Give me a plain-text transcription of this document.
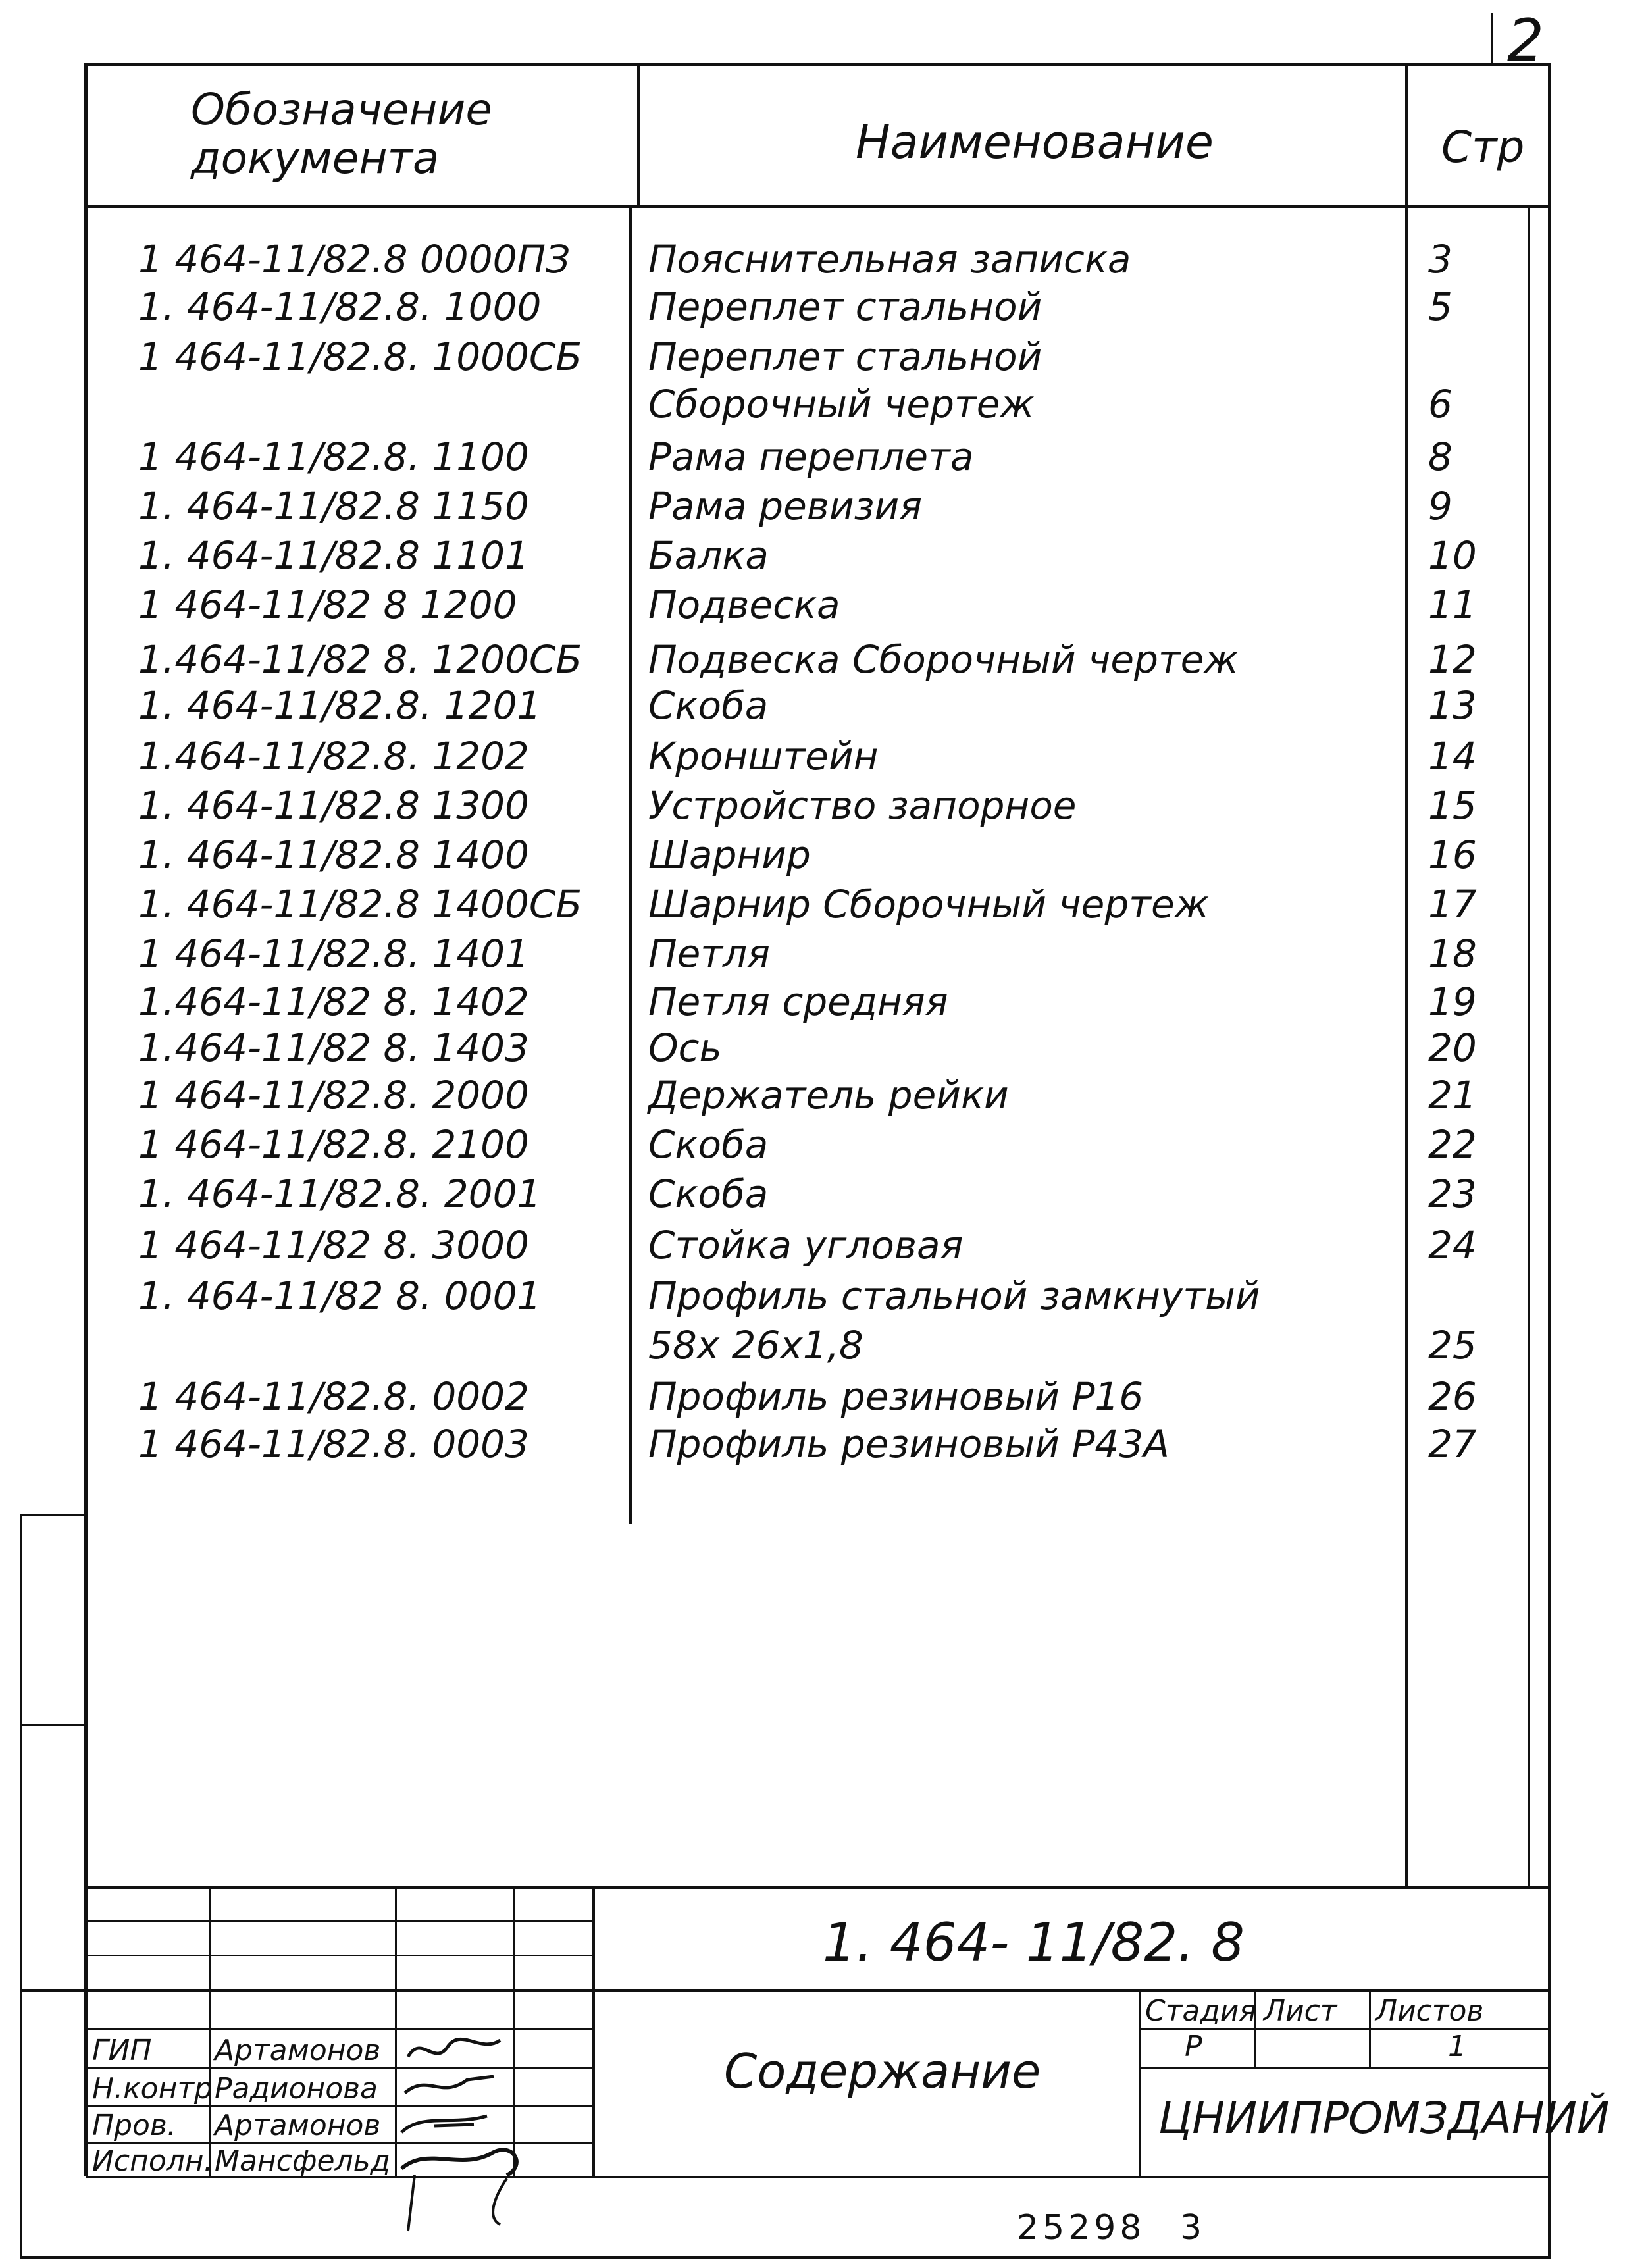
2
Обозначение документа	Наименование	Стр
1 464-11/82.8 0000ПЗ Пояснительная записка	3
1. 464-11/82.8. 1000	Переплет стальной	5
1 464-11/82.8. 1000СБ Переплет стальной
Сборочный чертеж	6
1 464-11/82.8. 1100	Рама переплета	8
1. 464-11/82.8 1150	Рама ревизия	9
1. 464-11/82.8 1101	Балка	10
1 464-11/82 8 1200	Подвеска	11
1.464-11/82 8. 1200СБ Подвеска Сборочный чертеж	12
1. 464-11/82.8. 1201	Скоба	13
1.464-11/82.8. 1202	Кронштейн	14
1. 464-11/82.8 1300	Устройство запорное	15
1. 464-11/82.8 1400	Шарнир	16
1. 464-11/82.8 1400СБ Шарнир Сборочный чертеж	17
1 464-11/82.8. 1401	Петля	18
1.464-11/82 8. 1402	Петля средняя	19
1.464-11/82 8. 1403	Ось	20
1 464-11/82.8. 2000	Держатель рейки	21
1 464-11/82.8. 2100	Скоба	22
1. 464-11/82.8. 2001	Скоба	23
1 464-11/82 8. 3000	Стойка угловая	24
1. 464-11/82 8. 0001	Профиль стальной замкнутый
58х 26х1,8	25
1 464-11/82.8. 0002	Профиль резиновый Р16	26
1 464-11/82.8. 0003	Профиль резиновый Р43А	27
1. 464- 11/82. 8
Содержание
Стадия Лист Листов
Р	1
ЦНИИПРОМЗДАНИЙ
ГИП Артамонов
Н.контр Радионова
Пров. Артамонов
Исполн. Мансфельд
25298 3
